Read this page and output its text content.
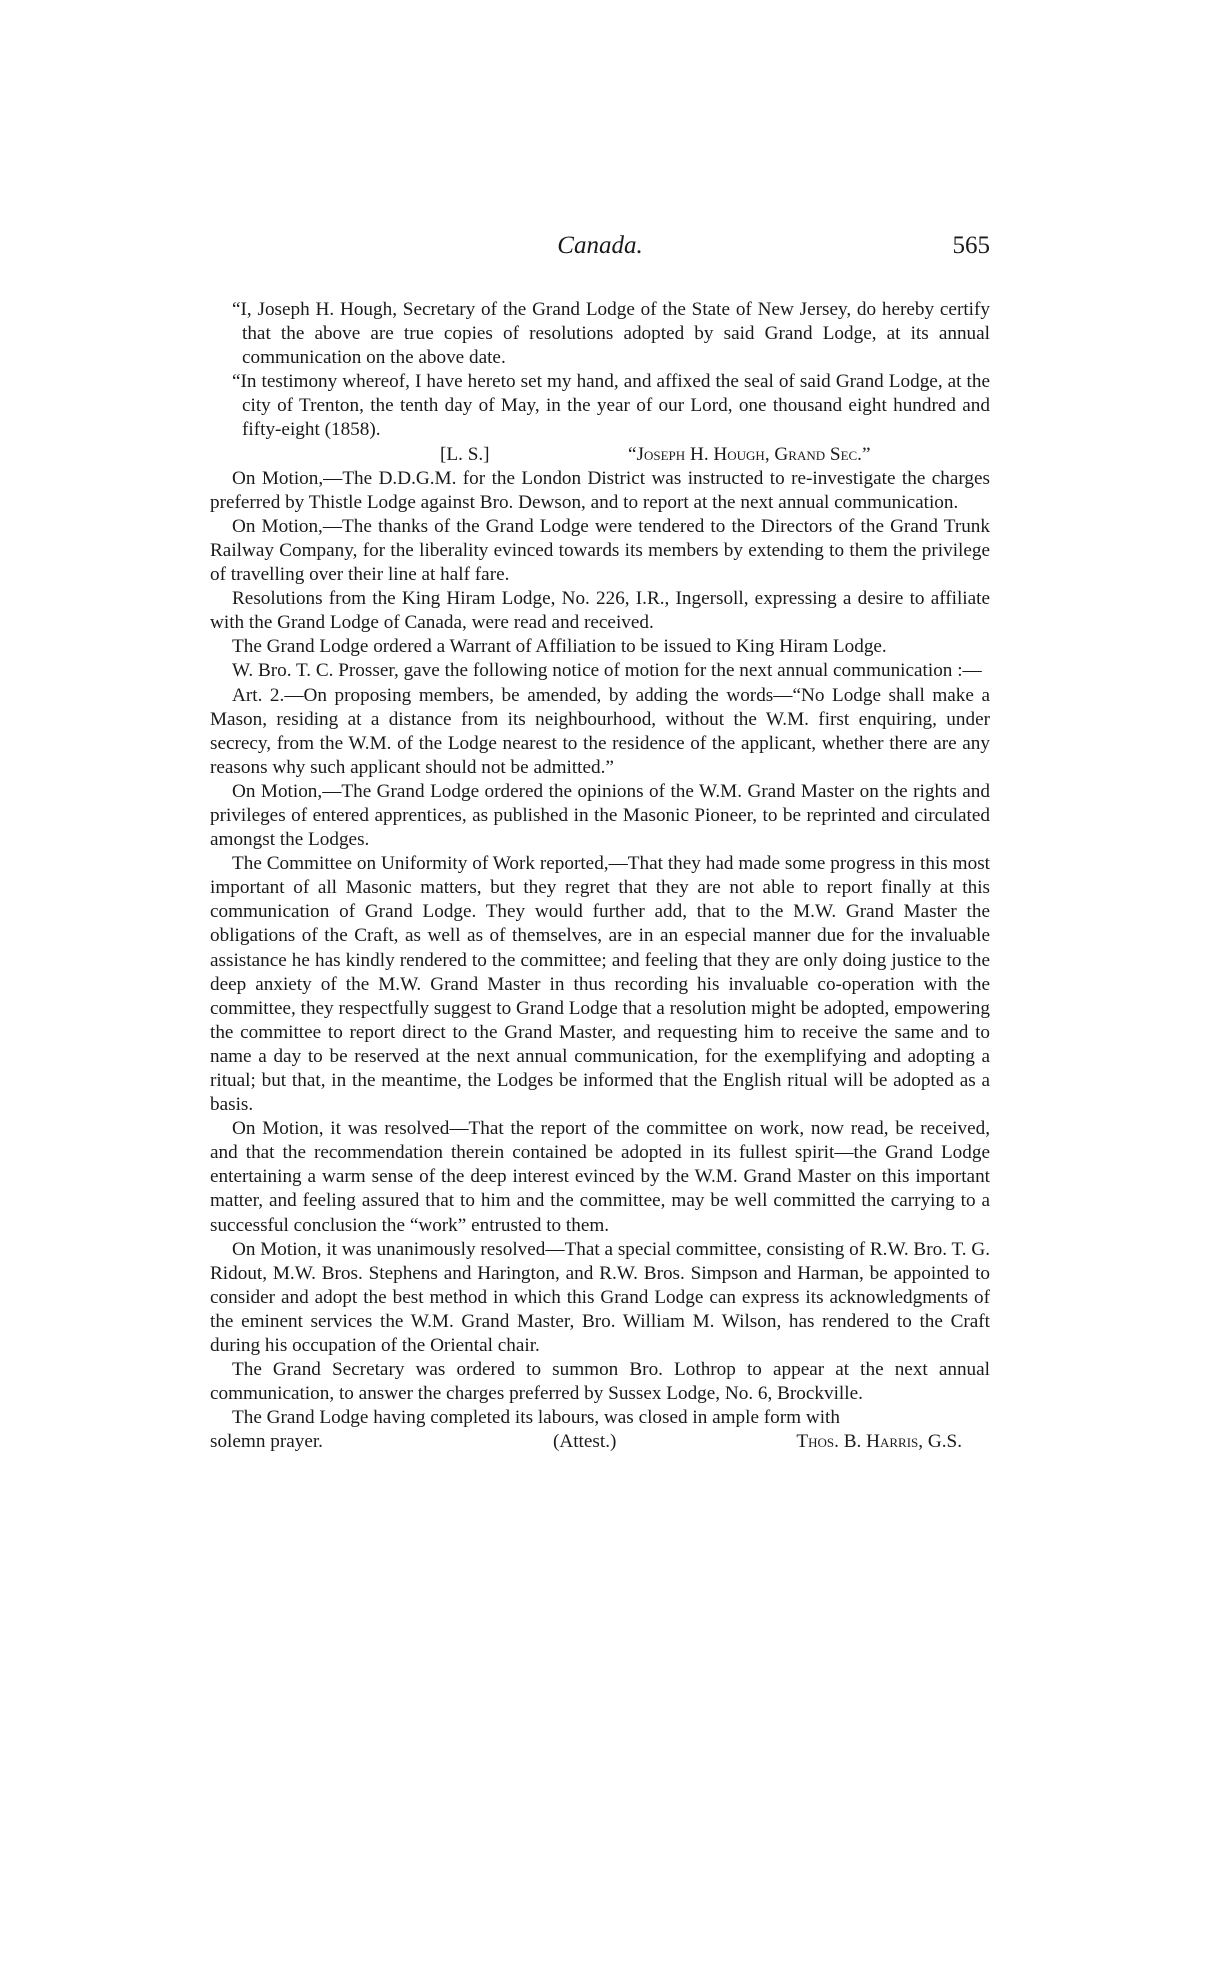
Canada.	565

“I, Joseph H. Hough, Secretary of the Grand Lodge of the State of New Jersey, do hereby certify that the above are true copies of resolutions adopted by said Grand Lodge, at its annual communication on the above date.

“In testimony whereof, I have hereto set my hand, and affixed the seal of said Grand Lodge, at the city of Trenton, the tenth day of May, in the year of our Lord, one thousand eight hundred and fifty-eight (1858).

[L. S.]	“Joseph H. Hough, Grand Sec.”

On Motion,—The D.D.G.M. for the London District was instructed to re-investigate the charges preferred by Thistle Lodge against Bro. Dewson, and to report at the next annual communication.

On Motion,—The thanks of the Grand Lodge were tendered to the Directors of the Grand Trunk Railway Company, for the liberality evinced towards its members by extending to them the privilege of travelling over their line at half fare.

Resolutions from the King Hiram Lodge, No. 226, I.R., Ingersoll, expressing a desire to affiliate with the Grand Lodge of Canada, were read and received.

The Grand Lodge ordered a Warrant of Affiliation to be issued to King Hiram Lodge.

W. Bro. T. C. Prosser, gave the following notice of motion for the next annual communication :—

Art. 2.—On proposing members, be amended, by adding the words—“No Lodge shall make a Mason, residing at a distance from its neighbourhood, without the W.M. first enquiring, under secrecy, from the W.M. of the Lodge nearest to the residence of the applicant, whether there are any reasons why such applicant should not be admitted.”

On Motion,—The Grand Lodge ordered the opinions of the W.M. Grand Master on the rights and privileges of entered apprentices, as published in the Masonic Pioneer, to be reprinted and circulated amongst the Lodges.

The Committee on Uniformity of Work reported,—That they had made some progress in this most important of all Masonic matters, but they regret that they are not able to report finally at this communication of Grand Lodge. They would further add, that to the M.W. Grand Master the obligations of the Craft, as well as of themselves, are in an especial manner due for the invaluable assistance he has kindly rendered to the committee; and feeling that they are only doing justice to the deep anxiety of the M.W. Grand Master in thus recording his invaluable co-operation with the committee, they respectfully suggest to Grand Lodge that a resolution might be adopted, empowering the committee to report direct to the Grand Master, and requesting him to receive the same and to name a day to be reserved at the next annual communication, for the exemplifying and adopting a ritual; but that, in the meantime, the Lodges be informed that the English ritual will be adopted as a basis.

On Motion, it was resolved—That the report of the committee on work, now read, be received, and that the recommendation therein contained be adopted in its fullest spirit—the Grand Lodge entertaining a warm sense of the deep interest evinced by the W.M. Grand Master on this important matter, and feeling assured that to him and the committee, may be well committed the carrying to a successful conclusion the “work” entrusted to them.

On Motion, it was unanimously resolved—That a special committee, consisting of R.W. Bro. T. G. Ridout, M.W. Bros. Stephens and Harington, and R.W. Bros. Simpson and Harman, be appointed to consider and adopt the best method in which this Grand Lodge can express its acknowledgments of the eminent services the W.M. Grand Master, Bro. William M. Wilson, has rendered to the Craft during his occupation of the Oriental chair.

The Grand Secretary was ordered to summon Bro. Lothrop to appear at the next annual communication, to answer the charges preferred by Sussex Lodge, No. 6, Brockville.

The Grand Lodge having completed its labours, was closed in ample form with

solemn prayer.	(Attest.)	Thos. B. Harris, G.S.
